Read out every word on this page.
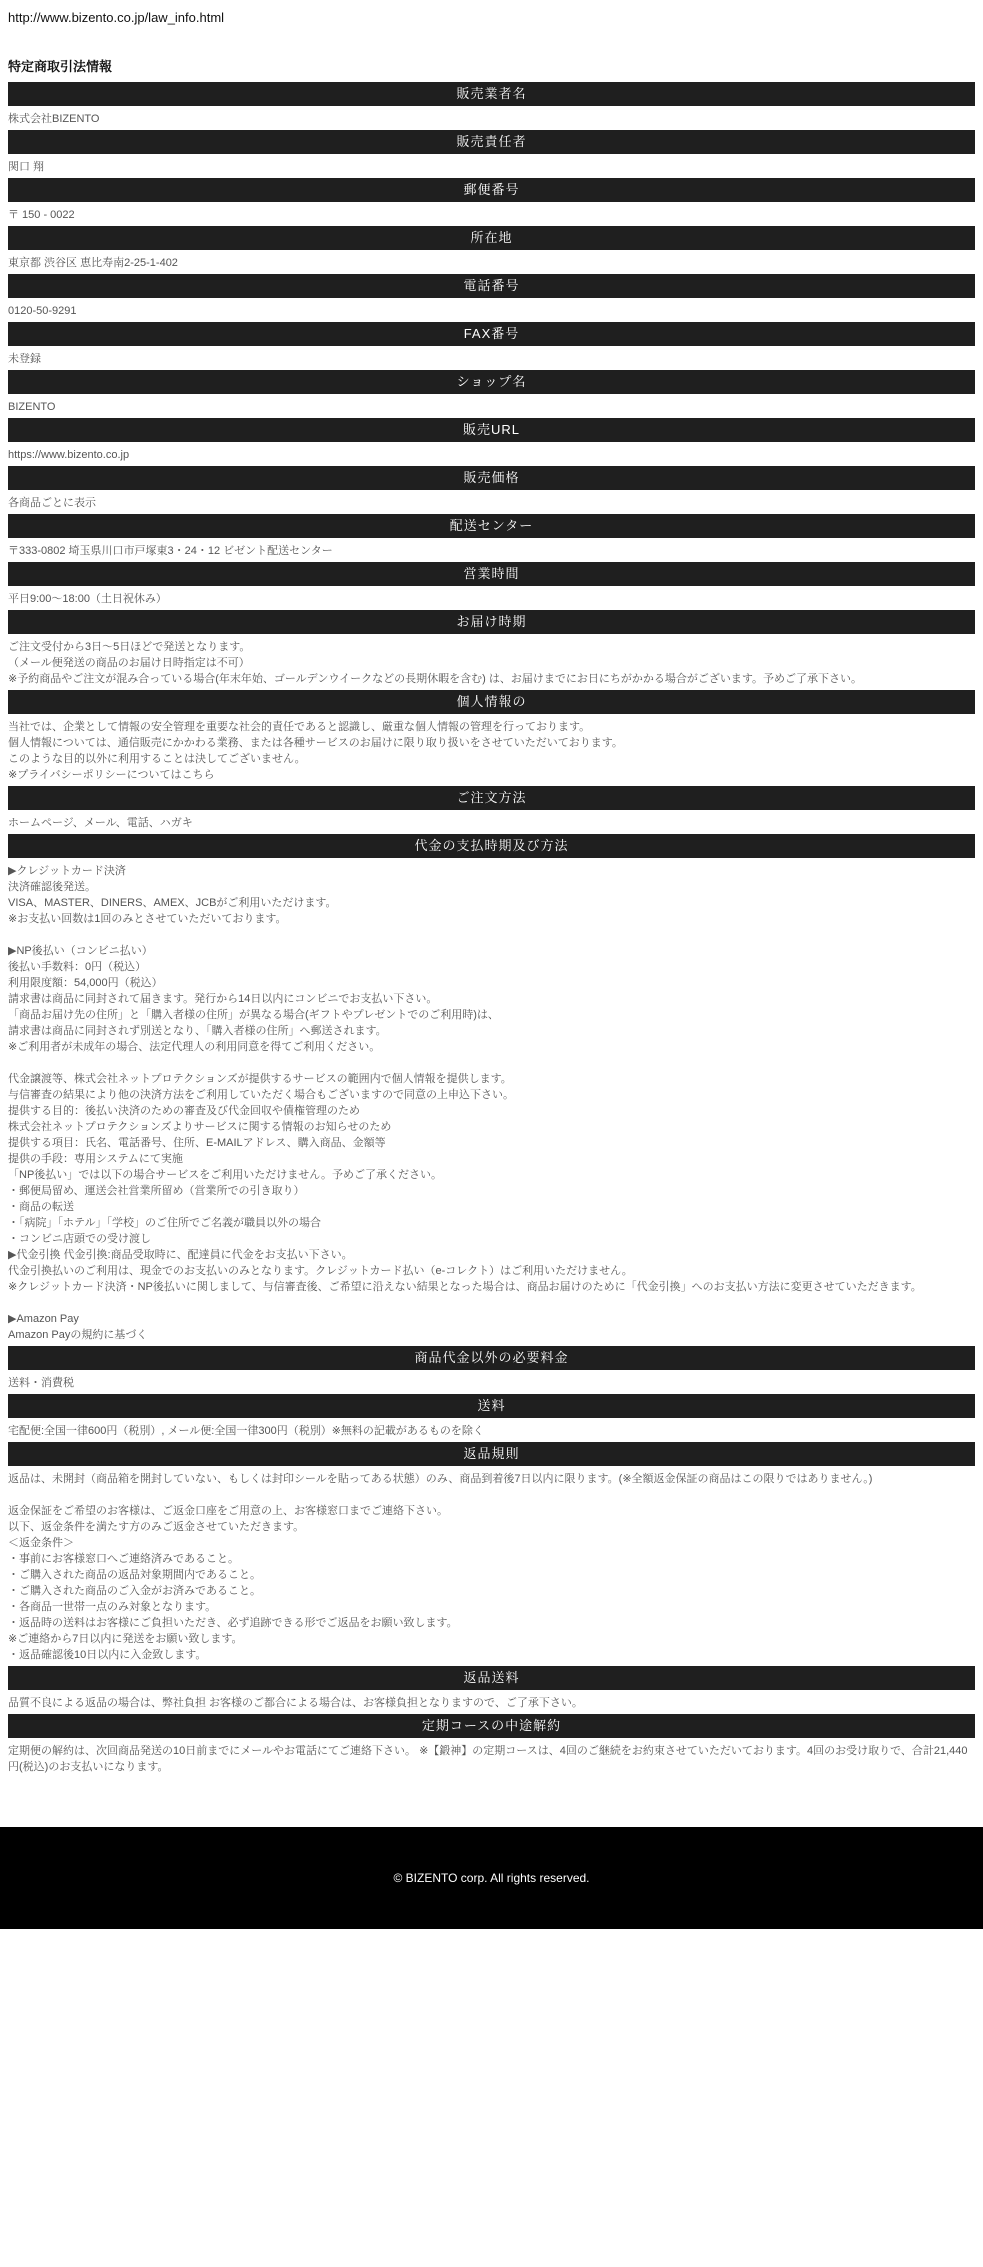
http://www.bizento.co.jp/law_info.html
特定商取引法情報
販売業者名
株式会社BIZENTO
販売責任者
関口 翔
郵便番号
〒 150 - 0022
所在地
東京都 渋谷区 恵比寿南2-25-1-402
電話番号
0120-50-9291
FAX番号
未登録
ショップ名
BIZENTO
販売URL
https://www.bizento.co.jp
販売価格
各商品ごとに表示
配送センター
〒333-0802 埼玉県川口市戸塚東3・24・12 ビゼント配送センター
営業時間
平日9:00～18:00（土日祝休み）
お届け時期
ご注文受付から3日～5日ほどで発送となります。
（メール便発送の商品のお届け日時指定は不可）
※予約商品やご注文が混み合っている場合(年末年始、ゴールデンウイークなどの長期休暇を含む) は、お届けまでにお日にちがかかる場合がございます。予めご了承下さい。
個人情報の
当社では、企業として情報の安全管理を重要な社会的責任であると認識し、厳重な個人情報の管理を行っております。
個人情報については、通信販売にかかわる業務、または各種サービスのお届けに限り取り扱いをさせていただいております。
このような目的以外に利用することは決してございません。
※プライバシーポリシーについてはこちら
ご注文方法
ホームページ、メール、電話、ハガキ
代金の支払時期及び方法
▶クレジットカード決済
決済確認後発送。
VISA、MASTER、DINERS、AMEX、JCBがご利用いただけます。
※お支払い回数は1回のみとさせていただいております。

▶NP後払い（コンビニ払い）
後払い手数料：0円（税込）
利用限度額：54,000円（税込）
請求書は商品に同封されて届きます。発行から14日以内にコンビニでお支払い下さい。
「商品お届け先の住所」と「購入者様の住所」が異なる場合(ギフトやプレゼントでのご利用時)は、
請求書は商品に同封されず別送となり、「購入者様の住所」へ郵送されます。
※ご利用者が未成年の場合、法定代理人の利用同意を得てご利用ください。

代金譲渡等、株式会社ネットプロテクションズが提供するサービスの範囲内で個人情報を提供します。
与信審査の結果により他の決済方法をご利用していただく場合もございますので同意の上申込下さい。
提供する目的：後払い決済のための審査及び代金回収や債権管理のため
株式会社ネットプロテクションズよりサービスに関する情報のお知らせのため
提供する項目：氏名、電話番号、住所、E-MAILアドレス、購入商品、金額等
提供の手段：専用システムにて実施
「NP後払い」では以下の場合サービスをご利用いただけません。予めご了承ください。
・郵便局留め、運送会社営業所留め（営業所での引き取り）
・商品の転送
・「病院」「ホテル」「学校」のご住所でご名義が職員以外の場合
・コンビニ店頭での受け渡し
▶代金引換 代金引換:商品受取時に、配達員に代金をお支払い下さい。
代金引換払いのご利用は、現金でのお支払いのみとなります。クレジットカード払い（e-コレクト）はご利用いただけません。
※クレジットカード決済・NP後払いに関しまして、与信審査後、ご希望に沿えない結果となった場合は、商品お届けのために「代金引換」へのお支払い方法に変更させていただきます。

▶Amazon Pay
Amazon Payの規約に基づく
商品代金以外の必要料金
送料・消費税
送料
宅配便:全国一律600円（税別）, メール便:全国一律300円（税別）※無料の記載があるものを除く
返品規則
返品は、未開封（商品箱を開封していない、もしくは封印シールを貼ってある状態）のみ、商品到着後7日以内に限ります。(※全額返金保証の商品はこの限りではありません。)

返金保証をご希望のお客様は、ご返金口座をご用意の上、お客様窓口までご連絡下さい。
以下、返金条件を満たす方のみご返金させていただきます。
＜返金条件＞
・事前にお客様窓口へご連絡済みであること。
・ご購入された商品の返品対象期間内であること。
・ご購入された商品のご入金がお済みであること。
・各商品一世帯一点のみ対象となります。
・返品時の送料はお客様にご負担いただき、必ず追跡できる形でご返品をお願い致します。
※ご連絡から7日以内に発送をお願い致します。
・返品確認後10日以内に入金致します。
返品送料
品質不良による返品の場合は、弊社負担 お客様のご都合による場合は、お客様負担となりますので、ご了承下さい。
定期コースの中途解約
定期便の解約は、次回商品発送の10日前までにメールやお電話にてご連絡下さい。 ※【鍛神】の定期コースは、4回のご継続をお約束させていただいております。4回のお受け取りで、合計21,440円(税込)のお支払いになります。
© BIZENTO corp. All rights reserved.
